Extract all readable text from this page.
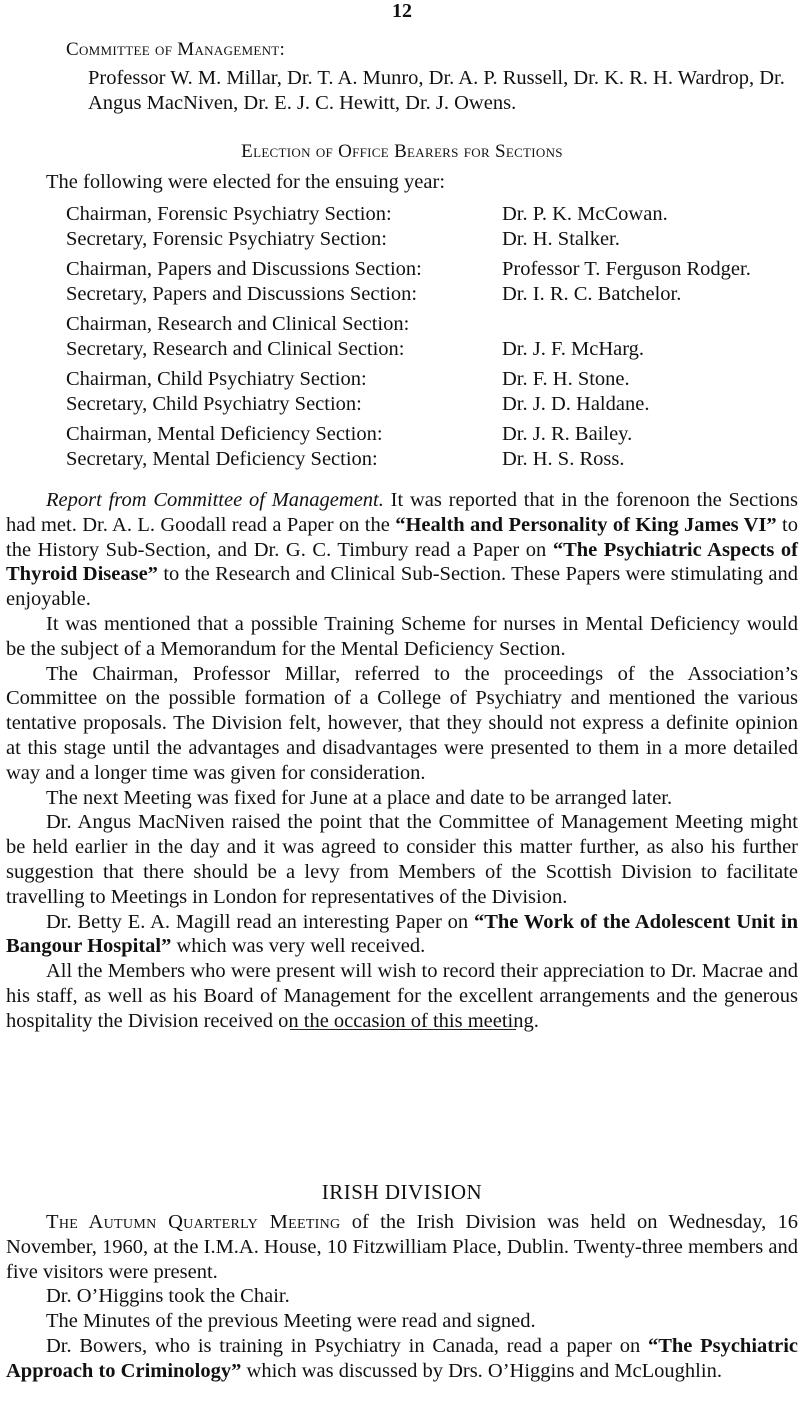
12
Committee of Management:
Professor W. M. Millar, Dr. T. A. Munro, Dr. A. P. Russell, Dr. K. R. H. Wardrop, Dr. Angus MacNiven, Dr. E. J. C. Hewitt, Dr. J. Owens.
Election of Office Bearers for Sections
The following were elected for the ensuing year:
Chairman, Forensic Psychiatry Section:	Dr. P. K. McCowan.
Secretary, Forensic Psychiatry Section:	Dr. H. Stalker.
Chairman, Papers and Discussions Section:	Professor T. Ferguson Rodger.
Secretary, Papers and Discussions Section:	Dr. I. R. C. Batchelor.
Chairman, Research and Clinical Section:
Secretary, Research and Clinical Section:	Dr. J. F. McHarg.
Chairman, Child Psychiatry Section:	Dr. F. H. Stone.
Secretary, Child Psychiatry Section:	Dr. J. D. Haldane.
Chairman, Mental Deficiency Section:	Dr. J. R. Bailey.
Secretary, Mental Deficiency Section:	Dr. H. S. Ross.

Report from Committee of Management. It was reported that in the forenoon the Sections had met. Dr. A. L. Goodall read a Paper on the “Health and Personality of King James VI” to the History Sub-Section, and Dr. G. C. Timbury read a Paper on “The Psychiatric Aspects of Thyroid Disease” to the Research and Clinical Sub-Section. These Papers were stimulating and enjoyable.

It was mentioned that a possible Training Scheme for nurses in Mental Deficiency would be the subject of a Memorandum for the Mental Deficiency Section.

The Chairman, Professor Millar, referred to the proceedings of the Association’s Committee on the possible formation of a College of Psychiatry and mentioned the various tentative proposals. The Division felt, however, that they should not express a definite opinion at this stage until the advantages and disadvantages were presented to them in a more detailed way and a longer time was given for consideration.

The next Meeting was fixed for June at a place and date to be arranged later.

Dr. Angus MacNiven raised the point that the Committee of Management Meeting might be held earlier in the day and it was agreed to consider this matter further, as also his further suggestion that there should be a levy from Members of the Scottish Division to facilitate travelling to Meetings in London for representatives of the Division.

Dr. Betty E. A. Magill read an interesting Paper on “The Work of the Adolescent Unit in Bangour Hospital” which was very well received.

All the Members who were present will wish to record their appreciation to Dr. Macrae and his staff, as well as his Board of Management for the excellent arrangements and the generous hospitality the Division received on the occasion of this meeting.

IRISH DIVISION

The Autumn Quarterly Meeting of the Irish Division was held on Wednesday, 16 November, 1960, at the I.M.A. House, 10 Fitzwilliam Place, Dublin. Twenty-three members and five visitors were present.

Dr. O’Higgins took the Chair.

The Minutes of the previous Meeting were read and signed.

Dr. Bowers, who is training in Psychiatry in Canada, read a paper on “The Psychiatric Approach to Criminology” which was discussed by Drs. O’Higgins and McLoughlin.
